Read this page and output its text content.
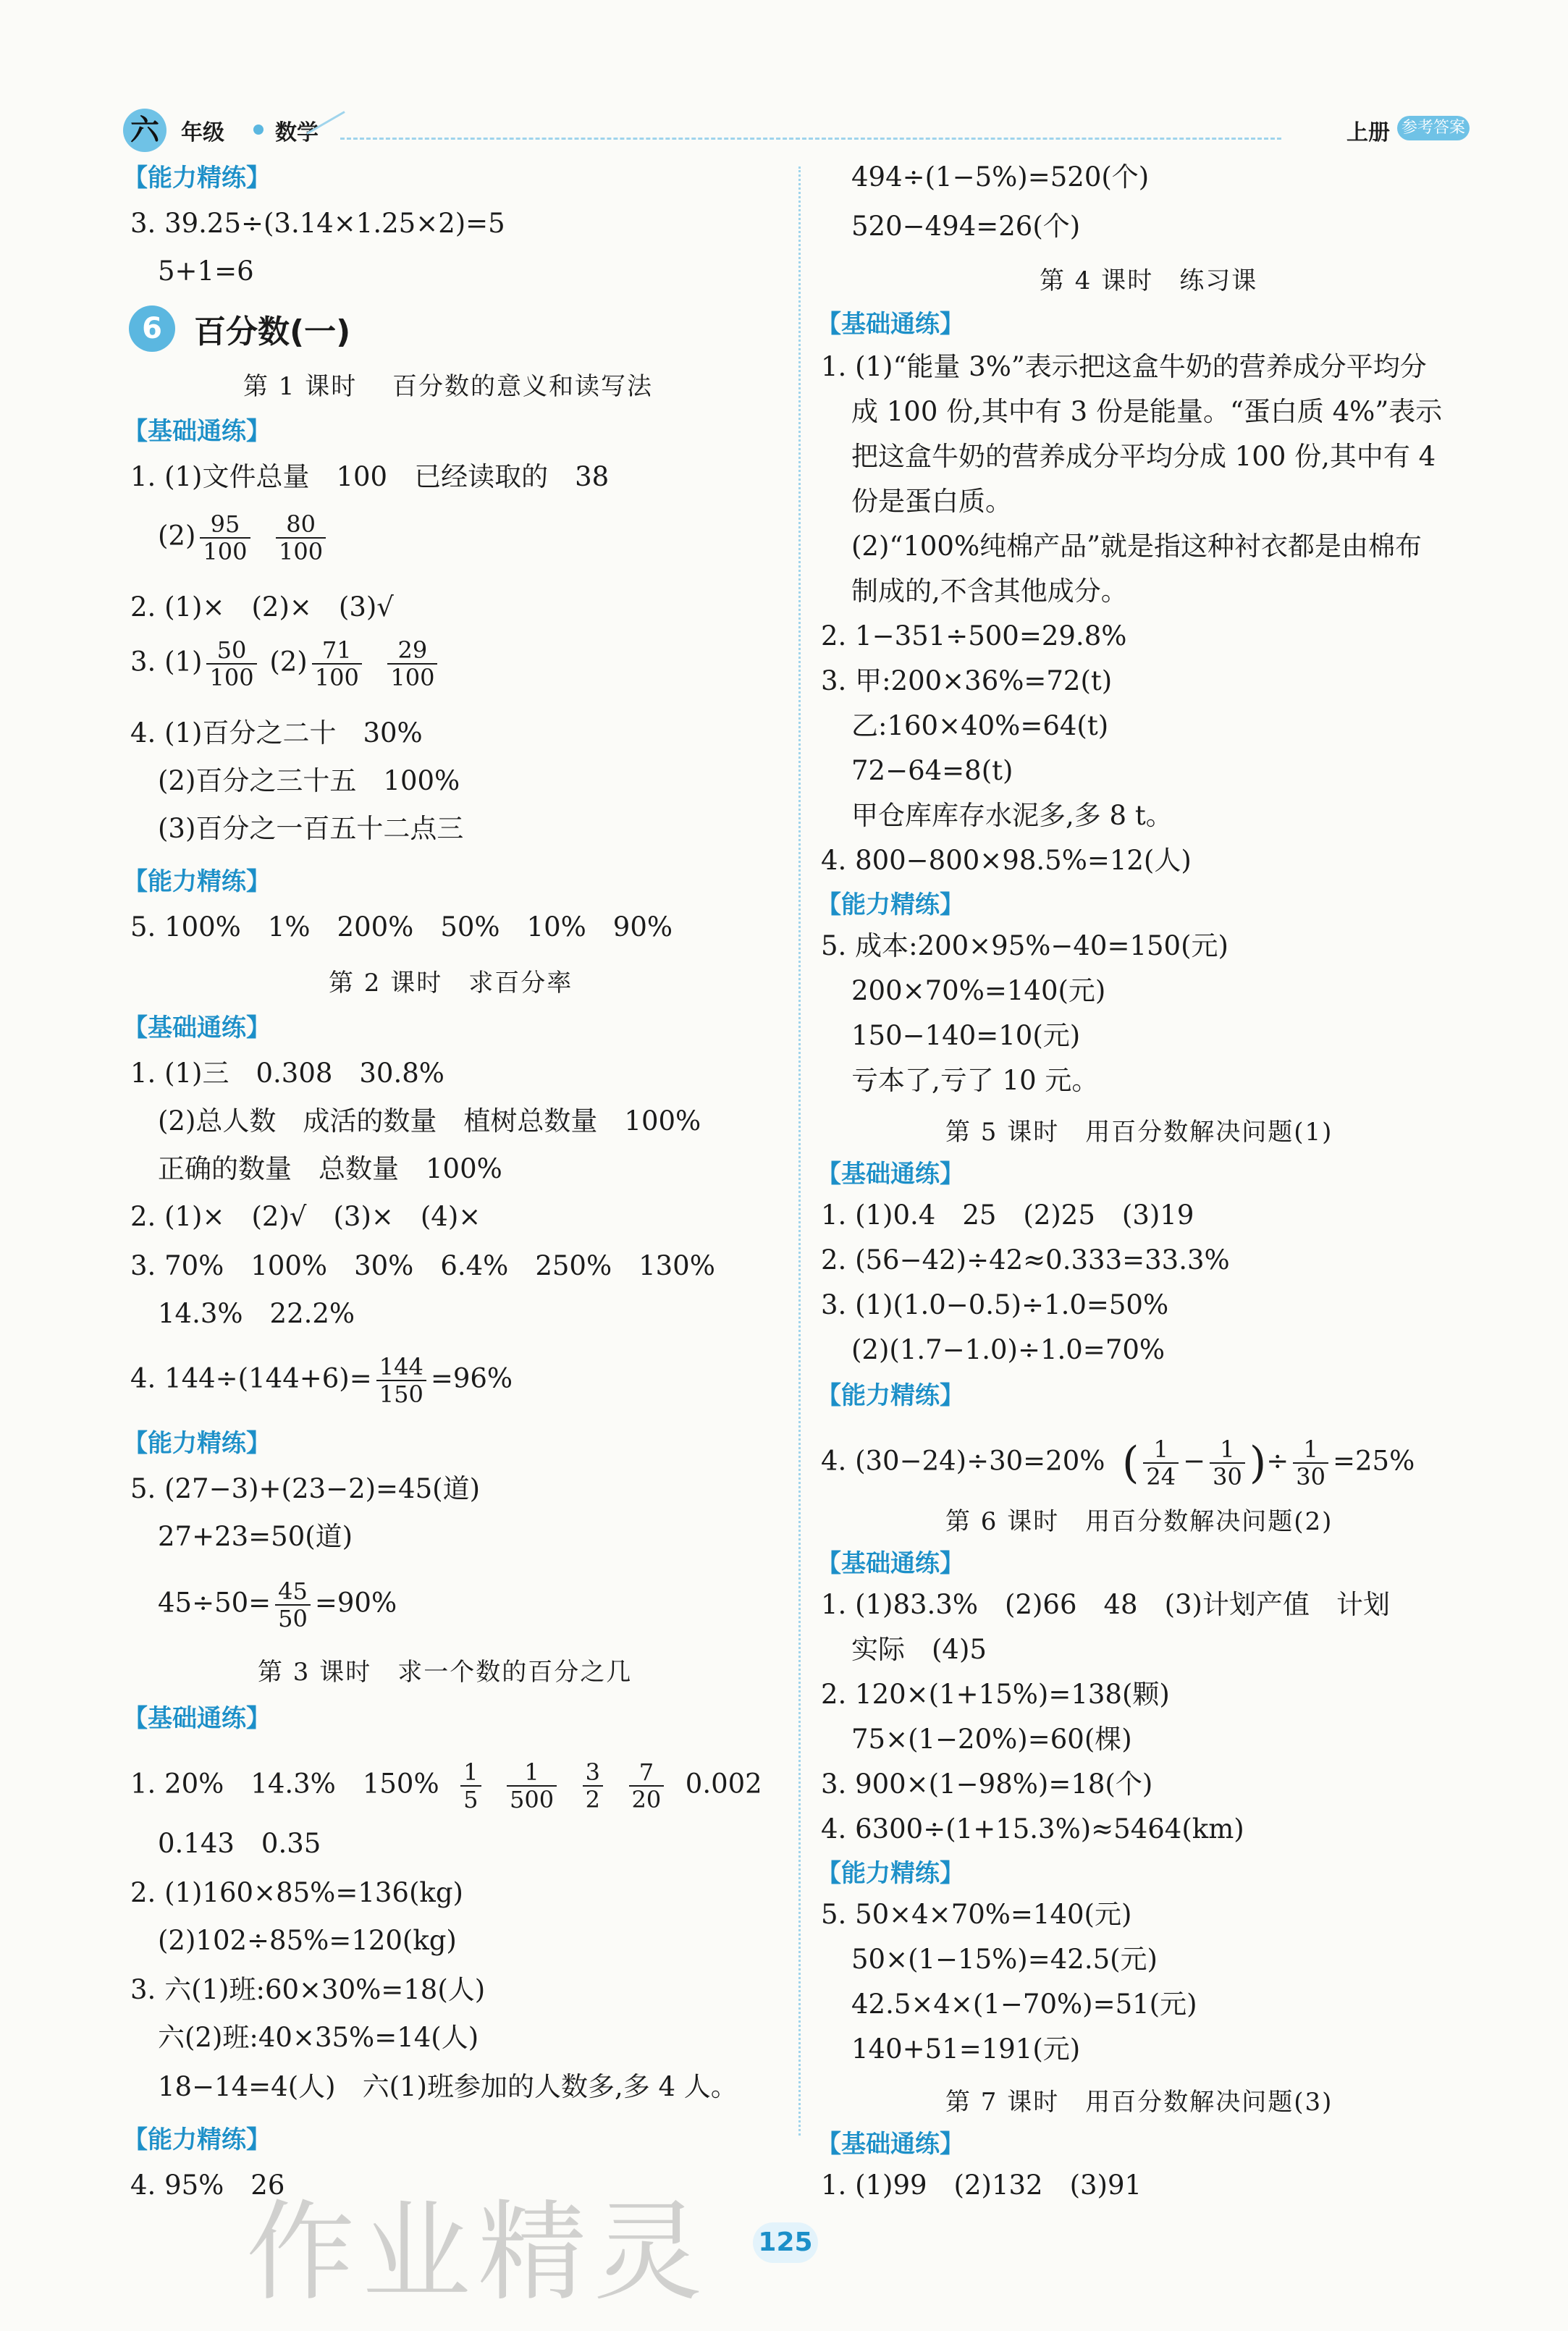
六	年级 数学	上册 参考答案
【能力精练】
3. 39.25÷(3.14×1.25×2)=5
5+1=6
6 百分数(一)
第 1 课时　 百分数的意义和读写法
【基础通练】
1. (1)文件总量　100　已经读取的　38
$(2) \frac{95}{100}$
$\frac{80}{100}$
2. (1)×　(2)×　(3)√
3. $(1) \frac{50}{100} (2) \frac{71}{100}$
$\frac{29}{100}$
4. (1)百分之二十　30%
(2)百分之三十五　100%
(3)百分之一百五十二点三
【能力精练】
5. 100%　1%　200%　50%　10%　90%
第 2 课时　求百分率
【基础通练】
1. (1)三　0.308　30.8%
(2)总人数　成活的数量　植树总数量　100%
正确的数量　总数量　100%
2. (1)×　(2)√　(3)×　(4)×
3. 70%　100%　30%　6.4%　250%　130%
14.3%　22.2%
4. $144\div(144+6)= \frac{144}{150} =96\%$
【能力精练】
5. (27−3)+(23−2)=45(道)
27+23=50(道)
$45\div 50= \frac{45}{50} =90\%$
第 3 课时　求一个数的百分之几
【基础通练】
1. 20%　14.3%　$150\% \frac{1}{5}$
$\frac{1}{500}$
$\frac{3}{2}$
$\frac{7}{20} 0.002$
0.143　0.35
2. (1)160×85%=136(kg)
(2)102÷85%=120(kg)
3. 六(1)班:60×30%=18(人)
六(2)班:40×35%=14(人)
18−14=4(人)　六(1)班参加的人数多,多 4 人。
【能力精练】
4. 95%　26
494÷(1−5%)=520(个)
520−494=26(个)
第 4 课时　练习课
【基础通练】
1. (1)“能量 3%”表示把这盒牛奶的营养成分平均分
成 100 份,其中有 3 份是能量。“蛋白质 4%”表示
把这盒牛奶的营养成分平均分成 100 份,其中有 4
份是蛋白质。
(2)“100%纯棉产品”就是指这种衬衣都是由棉布
制成的,不含其他成分。
2. 1−351÷500=29.8%
3. 甲:200×36%=72(t)
乙:160×40%=64(t)
72−64=8(t)
甲仓库库存水泥多,多 8 t。
4. 800−800×98.5%=12(人)
【能力精练】
5. 成本:200×95%−40=150(元)
200×70%=140(元)
150−140=10(元)
亏本了,亏了 10 元。
第 5 课时　用百分数解决问题(1)
【基础通练】
1. (1)0.4　25　(2)25　(3)19
2. (56−42)÷42≈0.333=33.3%
3. (1)(1.0−0.5)÷1.0=50%
(2)(1.7−1.0)÷1.0=70%
【能力精练】
4. (30−24)÷30=20% ( $\frac{1}{24} - \frac{1}{30}$ )÷ $\frac{1}{30} =25\%$
第 6 课时　用百分数解决问题(2)
【基础通练】
1. (1)83.3%　(2)66　48　(3)计划产值　计划
实际　(4)5
2. 120×(1+15%)=138(颗)
75×(1−20%)=60(棵)
3. 900×(1−98%)=18(个)
4. 6300÷(1+15.3%)≈5464(km)
【能力精练】
5. 50×4×70%=140(元)
50×(1−15%)=42.5(元)
42.5×4×(1−70%)=51(元)
140+51=191(元)
第 7 课时　用百分数解决问题(3)
【基础通练】
1. (1)99　(2)132　(3)91
125
作业精灵
